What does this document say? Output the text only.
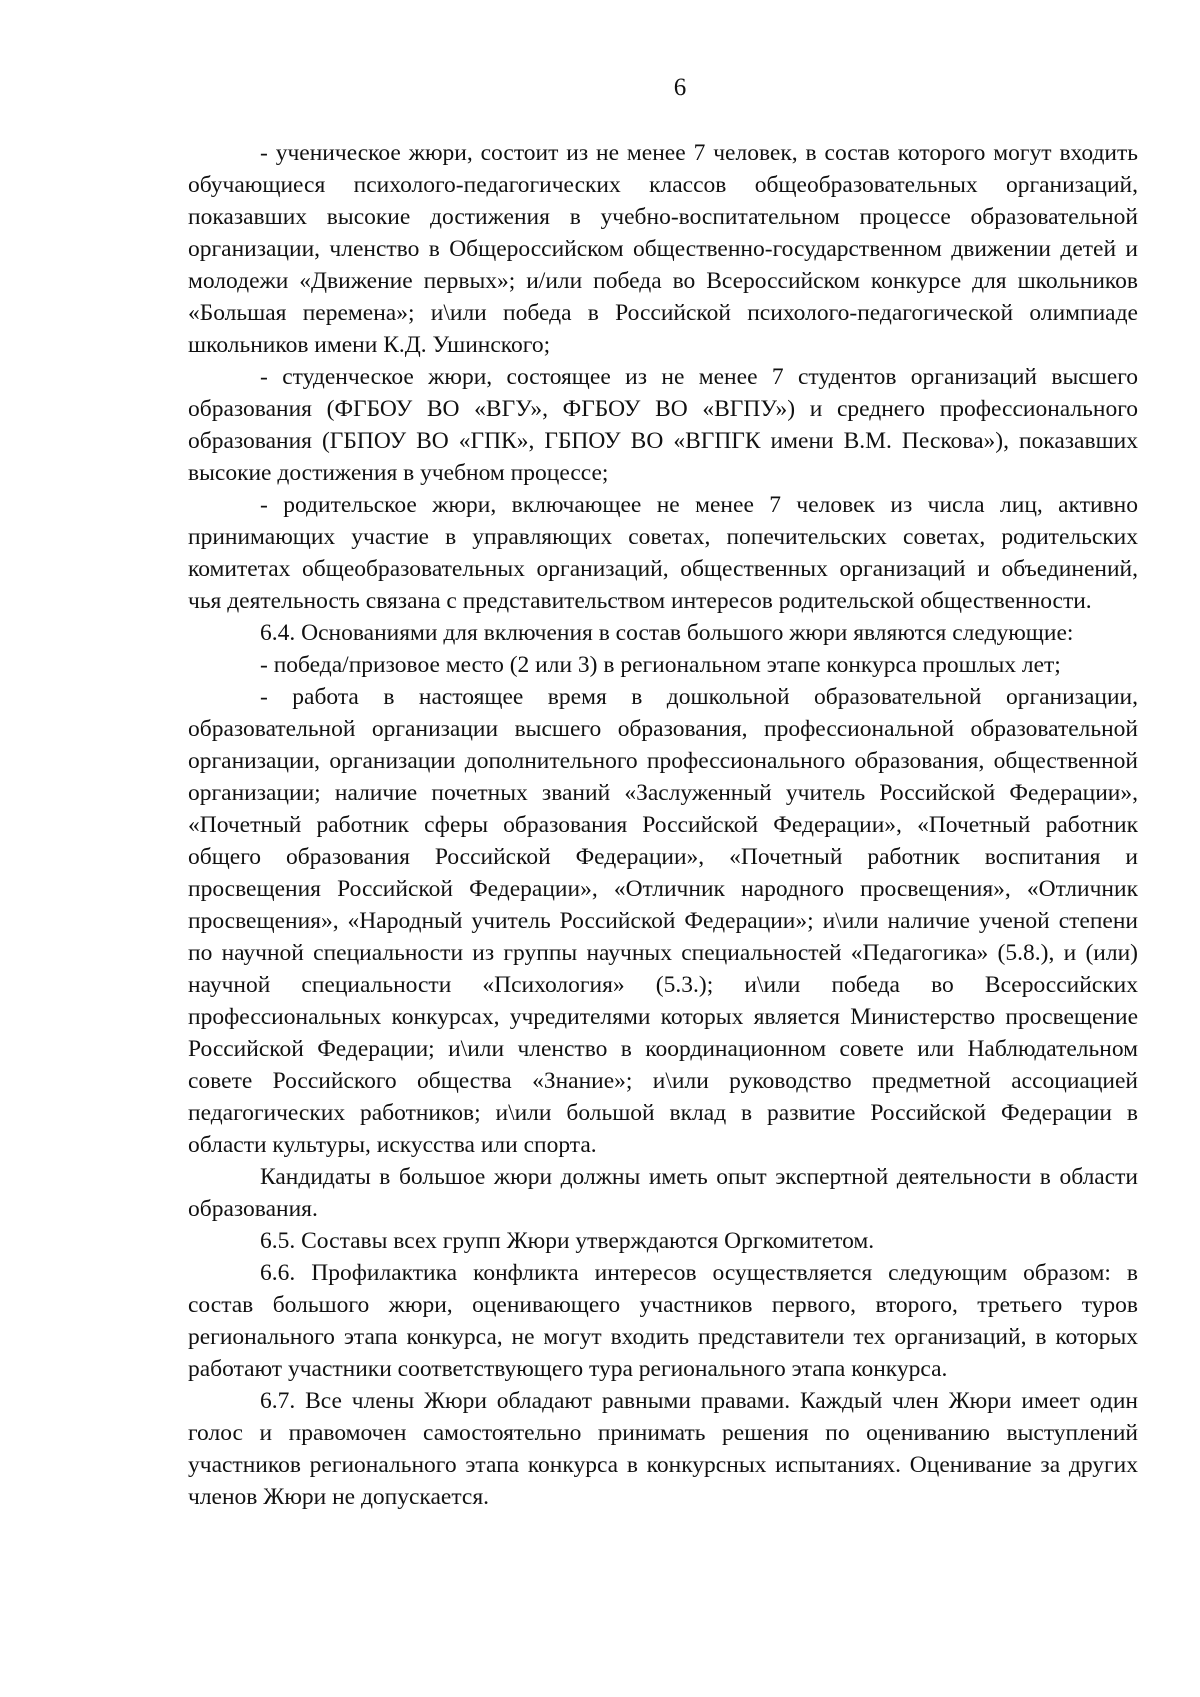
6

- ученическое жюри, состоит из не менее 7 человек, в состав которого могут входить обучающиеся психолого-педагогических классов общеобразовательных организаций, показавших высокие достижения в учебно-воспитательном процессе образовательной организации, членство в Общероссийском общественно-государственном движении детей и молодежи «Движение первых»; и/или победа во Всероссийском конкурсе для школьников «Большая перемена»; и\или победа в Российской психолого-педагогической олимпиаде школьников имени К.Д. Ушинского;

- студенческое жюри, состоящее из не менее 7 студентов организаций высшего образования (ФГБОУ ВО «ВГУ», ФГБОУ ВО «ВГПУ») и среднего профессионального образования (ГБПОУ ВО «ГПК», ГБПОУ ВО «ВГПГК имени В.М. Пескова»), показавших высокие достижения в учебном процессе;

- родительское жюри, включающее не менее 7 человек из числа лиц, активно принимающих участие в управляющих советах, попечительских советах, родительских комитетах общеобразовательных организаций, общественных организаций и объединений, чья деятельность связана с представительством интересов родительской общественности.

6.4. Основаниями для включения в состав большого жюри являются следующие:

- победа/призовое место (2 или 3) в региональном этапе конкурса прошлых лет;

- работа в настоящее время в дошкольной образовательной организации, образовательной организации высшего образования, профессиональной образовательной организации, организации дополнительного профессионального образования, общественной организации; наличие почетных званий «Заслуженный учитель Российской Федерации», «Почетный работник сферы образования Российской Федерации», «Почетный работник общего образования Российской Федерации», «Почетный работник воспитания и просвещения Российской Федерации», «Отличник народного просвещения», «Отличник просвещения», «Народный учитель Российской Федерации»; и\или наличие ученой степени по научной специальности из группы научных специальностей «Педагогика» (5.8.), и (или) научной специальности «Психология» (5.3.); и\или победа во Всероссийских профессиональных конкурсах, учредителями которых является Министерство просвещение Российской Федерации; и\или членство в координационном совете или Наблюдательном совете Российского общества «Знание»; и\или руководство предметной ассоциацией педагогических работников; и\или большой вклад в развитие Российской Федерации в области культуры, искусства или спорта.

Кандидаты в большое жюри должны иметь опыт экспертной деятельности в области образования.

6.5. Составы всех групп Жюри утверждаются Оргкомитетом.

6.6. Профилактика конфликта интересов осуществляется следующим образом: в состав большого жюри, оценивающего участников первого, второго, третьего туров регионального этапа конкурса, не могут входить представители тех организаций, в которых работают участники соответствующего тура регионального этапа конкурса.

6.7. Все члены Жюри обладают равными правами. Каждый член Жюри имеет один голос и правомочен самостоятельно принимать решения по оцениванию выступлений участников регионального этапа конкурса в конкурсных испытаниях. Оценивание за других членов Жюри не допускается.
